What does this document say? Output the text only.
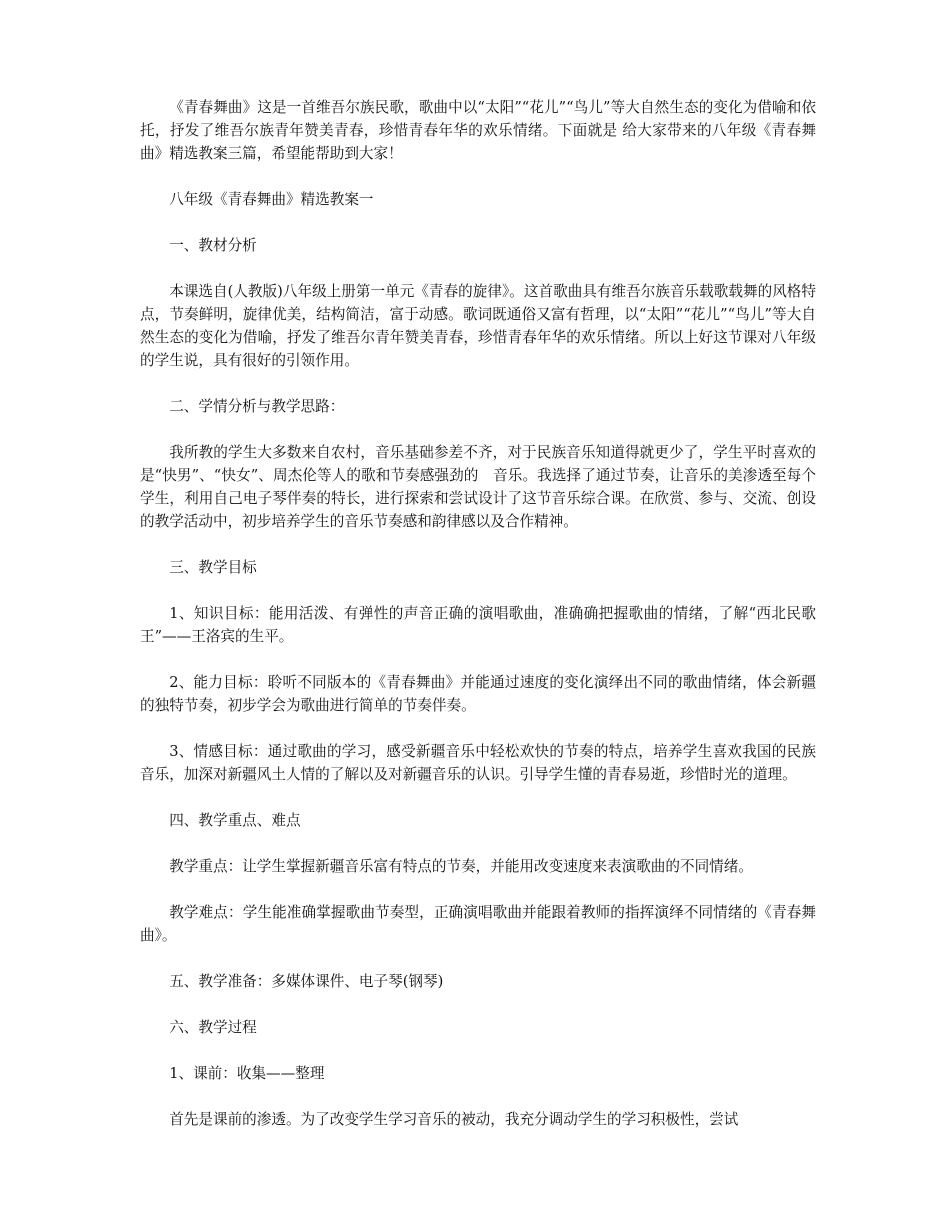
《青春舞曲》这是一首维吾尔族民歌，歌曲中以“太阳”“花儿”“鸟儿”等大自然生态的变化为借喻和依托，抒发了维吾尔族青年赞美青春，珍惜青春年华的欢乐情绪。下面就是 给大家带来的八年级《青春舞曲》精选教案三篇，希望能帮助到大家！

八年级《青春舞曲》精选教案一

一、教材分析

本课选自(人教版)八年级上册第一单元《青春的旋律》。这首歌曲具有维吾尔族音乐载歌载舞的风格特点，节奏鲜明，旋律优美，结构简洁，富于动感。歌词既通俗又富有哲理，以“太阳”“花儿”“鸟儿”等大自然生态的变化为借喻，抒发了维吾尔青年赞美青春，珍惜青春年华的欢乐情绪。所以上好这节课对八年级的学生说，具有很好的引领作用。

二、学情分析与教学思路：

我所教的学生大多数来自农村，音乐基础参差不齐，对于民族音乐知道得就更少了，学生平时喜欢的是“快男”、“快女”、周杰伦等人的歌和节奏感强劲的　音乐。我选择了通过节奏，让音乐的美渗透至每个学生，利用自己电子琴伴奏的特长，进行探索和尝试设计了这节音乐综合课。在欣赏、参与、交流、创设的教学活动中，初步培养学生的音乐节奏感和韵律感以及合作精神。

三、教学目标

1、知识目标：能用活泼、有弹性的声音正确的演唱歌曲，准确确把握歌曲的情绪，了解“西北民歌王”——王洛宾的生平。

2、能力目标：聆听不同版本的《青春舞曲》并能通过速度的变化演绎出不同的歌曲情绪，体会新疆的独特节奏，初步学会为歌曲进行简单的节奏伴奏。

3、情感目标：通过歌曲的学习，感受新疆音乐中轻松欢快的节奏的特点，培养学生喜欢我国的民族音乐，加深对新疆风土人情的了解以及对新疆音乐的认识。引导学生懂的青春易逝，珍惜时光的道理。

四、教学重点、难点

教学重点：让学生掌握新疆音乐富有特点的节奏，并能用改变速度来表演歌曲的不同情绪。

教学难点：学生能准确掌握歌曲节奏型，正确演唱歌曲并能跟着教师的指挥演绎不同情绪的《青春舞曲》。

五、教学准备：多媒体课件、电子琴(钢琴)

六、教学过程

1、课前：收集——整理

首先是课前的渗透。为了改变学生学习音乐的被动，我充分调动学生的学习积极性，尝试
